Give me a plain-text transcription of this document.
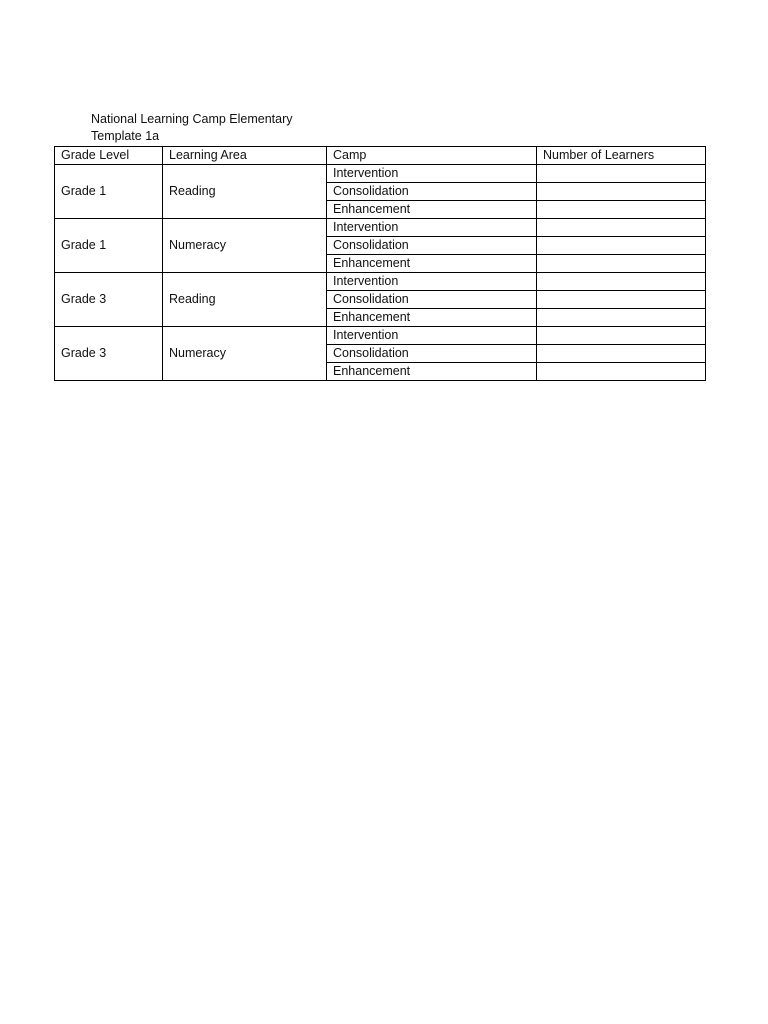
National Learning Camp Elementary
Template 1a
Grade Level	Learning Area	Camp	Number of Learners
Grade 1	Reading	Intervention	
		Consolidation	
		Enhancement	
Grade 1	Numeracy	Intervention	
		Consolidation	
		Enhancement	
Grade 3	Reading	Intervention	
		Consolidation	
		Enhancement	
Grade 3	Numeracy	Intervention	
		Consolidation	
		Enhancement	
